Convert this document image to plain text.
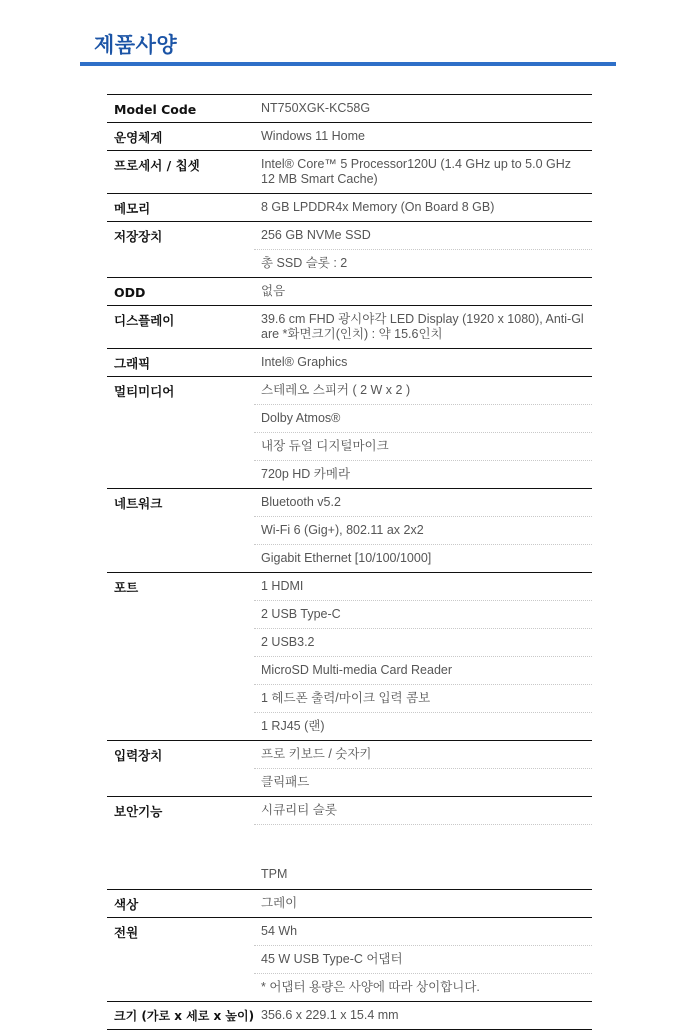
제품사양
Model Code	NT750XGK-KC58G
운영체계	Windows 11 Home
프로세서 / 칩셋	Intel® Core™ 5 Processor120U (1.4 GHz up to 5.0 GHz 12 MB Smart Cache)
메모리	8 GB LPDDR4x Memory (On Board 8 GB)
저장장치	256 GB NVMe SSD
총 SSD 슬롯 : 2
ODD	없음
디스플레이	39.6 cm FHD 광시야각 LED Display (1920 x 1080), Anti-Glare *화면크기(인치) : 약 15.6인치
그래픽	Intel® Graphics
멀티미디어	스테레오 스피커 ( 2 W x 2 )
Dolby Atmos®
내장 듀얼 디지털마이크
720p HD 카메라
네트워크	Bluetooth v5.2
Wi-Fi 6 (Gig+), 802.11 ax 2x2
Gigabit Ethernet [10/100/1000]
포트	1 HDMI
2 USB Type-C
2 USB3.2
MicroSD Multi-media Card Reader
1 헤드폰 출력/마이크 입력 콤보
1 RJ45 (랜)
입력장치	프로 키보드 / 숫자키
클릭패드
보안기능	시큐리티 슬롯
TPM
색상	그레이
전원	54 Wh
45 W USB Type-C 어댑터
* 어댑터 용량은 사양에 따라 상이합니다.
크기 (가로 x 세로 x 높이) 356.6 x 229.1 x 15.4 mm
